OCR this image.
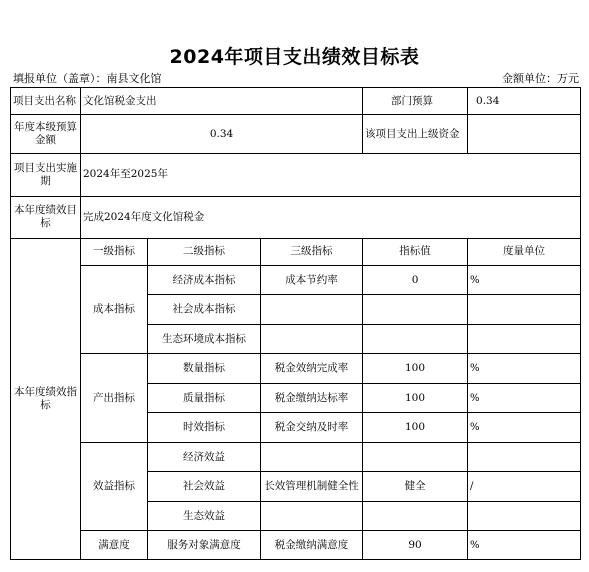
2024年项目支出绩效目标表
填报单位（盖章）：南县文化馆	金额单位：万元
项目支出名称	文化馆税金支出			部门预算	0.34
年度本级预算金额	0.34			该项目支出上级资金	
项目支出实施期	2024年至2025年				
本年度绩效目标	完成2024年度文化馆税金				
本年度绩效指标	一级指标	二级指标	三级指标	指标值	度量单位
	成本指标	经济成本指标	成本节约率	0	%
		社会成本指标			
		生态环境成本指标			
	产出指标	数量指标	税金效纳完成率	100	%
		质量指标	税金缴纳达标率	100	%
		时效指标	税金交纳及时率	100	%
	效益指标	经济效益			
		社会效益	长效管理机制健全性	健全	/
		生态效益			
	满意度	服务对象满意度	税金缴纳满意度	90	%
